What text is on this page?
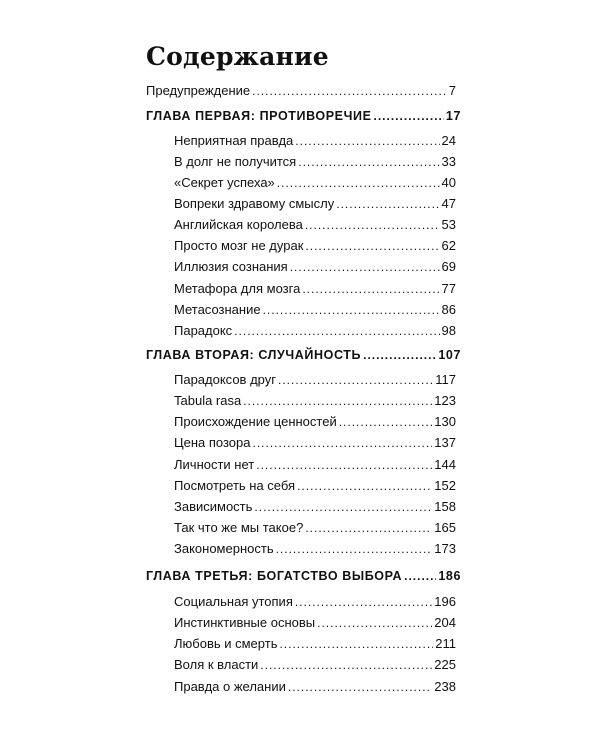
Содержание
Предупреждение .....	7
ГЛАВА ПЕРВАЯ: ПРОТИВОРЕЧИЕ .....	17
Неприятная правда .....	24
В долг не получится .....	33
«Секрет успеха» .....	40
Вопреки здравому смыслу .....	47
Английская королева .....	53
Просто мозг не дурак .....	62
Иллюзия сознания .....	69
Метафора для мозга .....	77
Метасознание .....	86
Парадокс .....	98
ГЛАВА ВТОРАЯ: СЛУЧАЙНОСТЬ .....	107
Парадоксов друг .....	117
Tabula rasa .....	123
Происхождение ценностей .....	130
Цена позора .....	137
Личности нет .....	144
Посмотреть на себя .....	152
Зависимость .....	158
Так что же мы такое? .....	165
Закономерность .....	173
ГЛАВА ТРЕТЬЯ: БОГАТСТВО ВЫБОРА .....	186
Социальная утопия .....	196
Инстинктивные основы .....	204
Любовь и смерть .....	211
Воля к власти .....	225
Правда о желании .....	238
